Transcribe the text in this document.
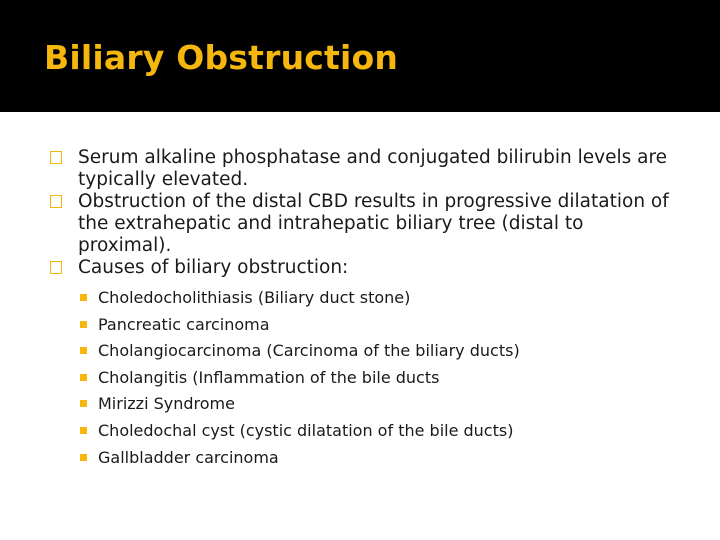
Biliary Obstruction
Serum alkaline phosphatase and conjugated bilirubin levels are typically elevated.
Obstruction of the distal CBD results in progressive dilatation of the extrahepatic and intrahepatic biliary tree (distal to proximal).
Causes of biliary obstruction:
Choledocholithiasis (Biliary duct stone)
Pancreatic carcinoma
Cholangiocarcinoma (Carcinoma of the biliary ducts)
Cholangitis (Inflammation of the bile ducts
Mirizzi Syndrome
Choledochal cyst (cystic dilatation of the bile ducts)
Gallbladder carcinoma
